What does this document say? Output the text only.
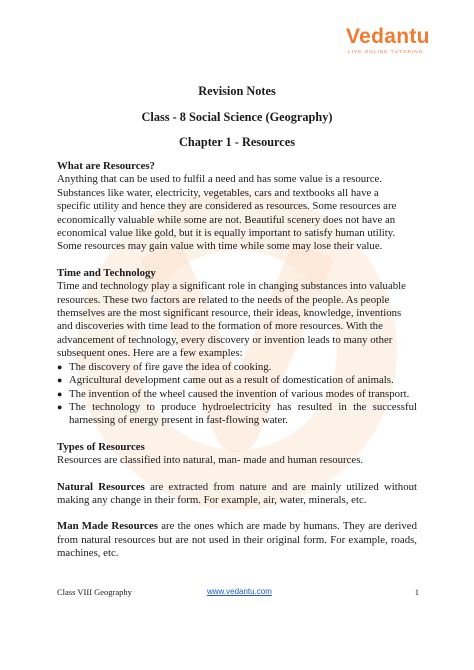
Vedantu
LIVE ONLINE TUTORING
Revision Notes
Class - 8 Social Science (Geography)
Chapter 1 - Resources

What are Resources?

Anything that can be used to fulfil a need and has some value is a resource.

Substances like water, electricity, vegetables, cars and textbooks all have a

specific utility and hence they are considered as resources. Some resources are

economically valuable while some are not. Beautiful scenery does not have an

economical value like gold, but it is equally important to satisfy human utility.

Some resources may gain value with time while some may lose their value.

Time and Technology

Time and technology play a significant role in changing substances into valuable

resources. These two factors are related to the needs of the people. As people

themselves are the most significant resource, their ideas, knowledge, inventions

and discoveries with time lead to the formation of more resources. With the

advancement of technology, every discovery or invention leads to many other

subsequent ones. Here are a few examples:

● The discovery of fire gave the idea of cooking.
● Agricultural development came out as a result of domestication of animals.
● The invention of the wheel caused the invention of various modes of transport.
● The technology to produce hydroelectricity has resulted in the successful harnessing of energy present in fast-flowing water.

Types of Resources

Resources are classified into natural, man- made and human resources.

Natural Resources are extracted from nature and are mainly utilized without making any change in their form. For example, air, water, minerals, etc.

Man Made Resources are the ones which are made by humans. They are derived from natural resources but are not used in their original form. For example, roads, machines, etc.

Class VIII Geography	www.vedantu.com	1
